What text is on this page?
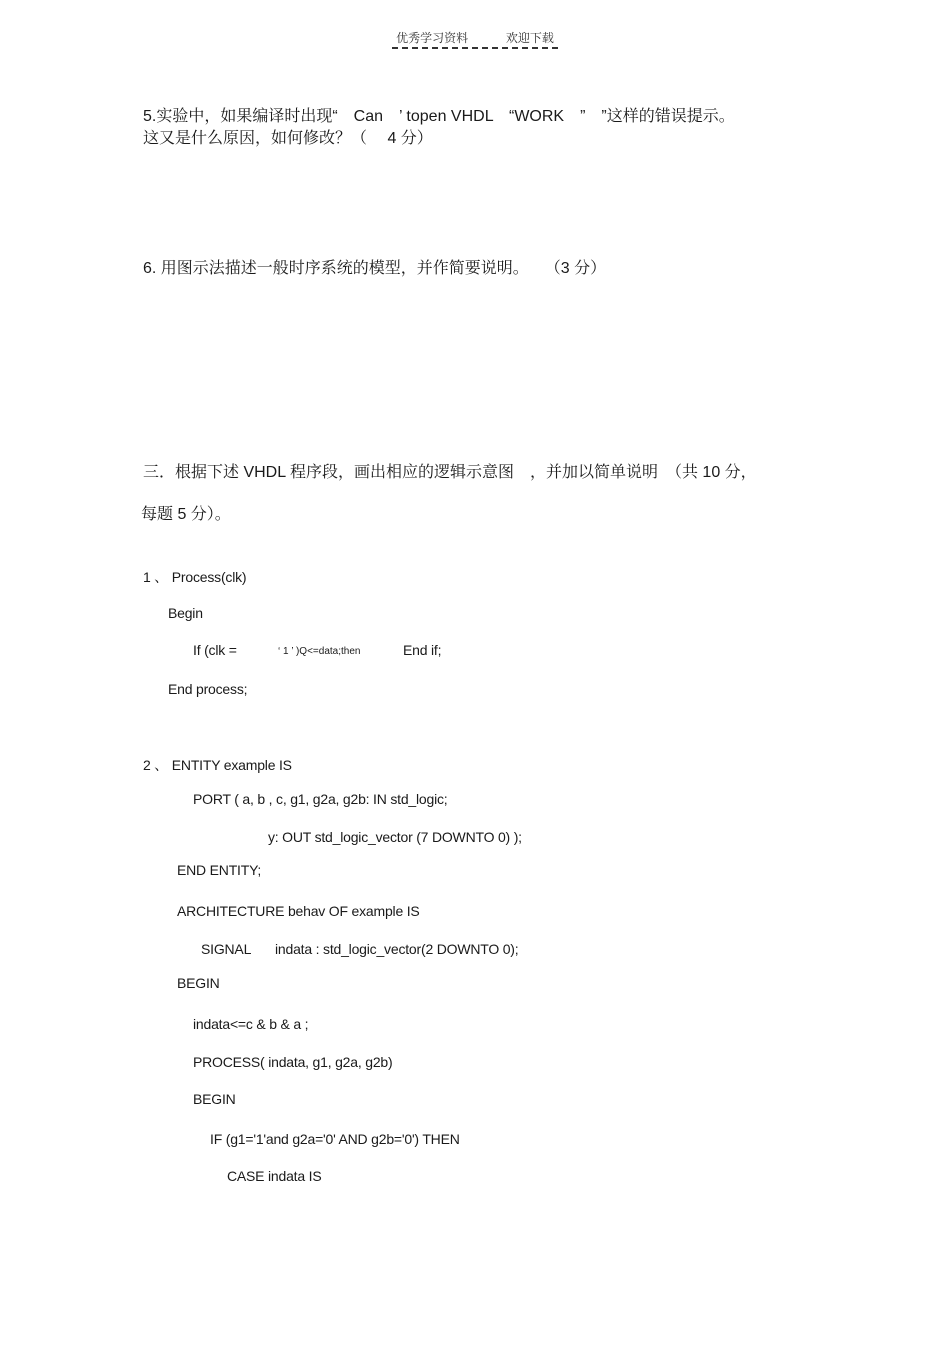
优秀学习资料	欢迎下载
5.实验中，如果编译时出现“　Can　’ topen VHDL　“WORK　”　”这样的错误提示。
这又是什么原因，如何修改？（　 4 分）
6. 用图示法描述一般时序系统的模型，并作简要说明。　　（3 分）
三．根据下述 VHDL 程序段，画出相应的逻辑示意图　，并加以简单说明　（共 10 分，
每题 5 分）。
1 、 Process(clk)
Begin
If (clk =	‘ 1 ’ )Q<=data;then	End if;
End process;
2 、 ENTITY example IS
PORT ( a, b , c, g1, g2a, g2b: IN std_logic;
y: OUT std_logic_vector (7 DOWNTO 0) );
END ENTITY;
ARCHITECTURE behav OF example IS
SIGNAL indata : std_logic_vector(2 DOWNTO 0);
BEGIN
indata<=c & b & a ;
PROCESS( indata, g1, g2a, g2b)
BEGIN
IF (g1='1'and g2a='0' AND g2b='0') THEN
CASE indata IS
